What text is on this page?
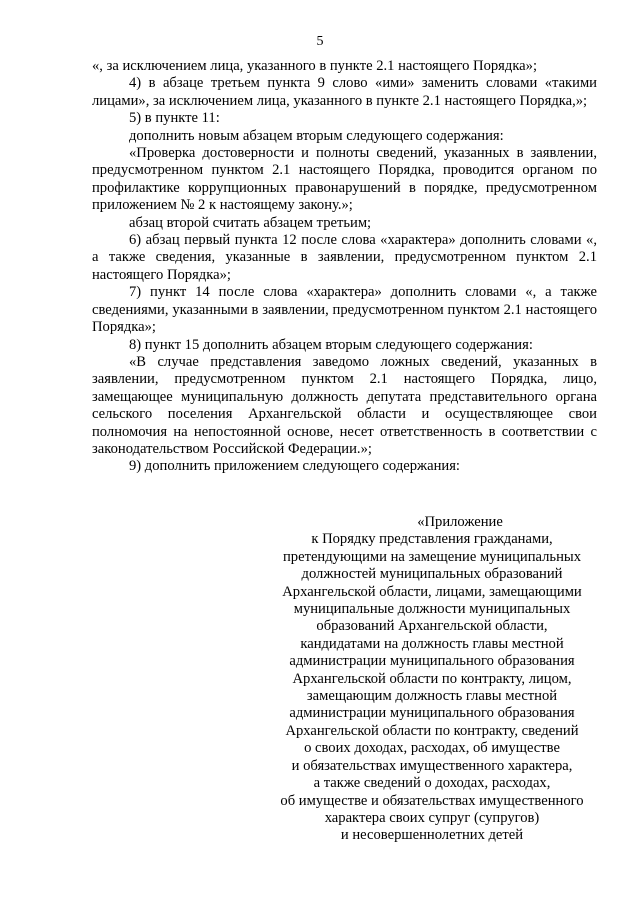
5

«, за исключением лица, указанного в пункте 2.1 настоящего Порядка»;

4) в абзаце третьем пункта 9 слово «ими» заменить словами «такими лицами», за исключением лица, указанного в пункте 2.1 настоящего Порядка,»;

5) в пункте 11:

дополнить новым абзацем вторым следующего содержания:

«Проверка достоверности и полноты сведений, указанных в заявлении, предусмотренном пунктом 2.1 настоящего Порядка, проводится органом по профилактике коррупционных правонарушений в порядке, предусмотренном приложением № 2 к настоящему закону.»;

абзац второй считать абзацем третьим;

6) абзац первый пункта 12 после слова «характера» дополнить словами «, а также сведения, указанные в заявлении, предусмотренном пунктом 2.1 настоящего Порядка»;

7) пункт 14 после слова «характера» дополнить словами «, а также сведениями, указанными в заявлении, предусмотренном пунктом 2.1 настоящего Порядка»;

8) пункт 15 дополнить абзацем вторым следующего содержания:

«В случае представления заведомо ложных сведений, указанных в заявлении, предусмотренном пунктом 2.1 настоящего Порядка, лицо, замещающее муниципальную должность депутата представительного органа сельского поселения Архангельской области и осуществляющее свои полномочия на непостоянной основе, несет ответственность в соответствии с законодательством Российской Федерации.»;

9) дополнить приложением следующего содержания:

«Приложение
к Порядку представления гражданами,
претендующими на замещение муниципальных
должностей муниципальных образований
Архангельской области, лицами, замещающими
муниципальные должности муниципальных
образований Архангельской области,
кандидатами на должность главы местной
администрации муниципального образования
Архангельской области по контракту, лицом,
замещающим должность главы местной
администрации муниципального образования
Архангельской области по контракту, сведений
о своих доходах, расходах, об имуществе
и обязательствах имущественного характера,
а также сведений о доходах, расходах,
об имуществе и обязательствах имущественного
характера своих супруг (супругов)
и несовершеннолетних детей
